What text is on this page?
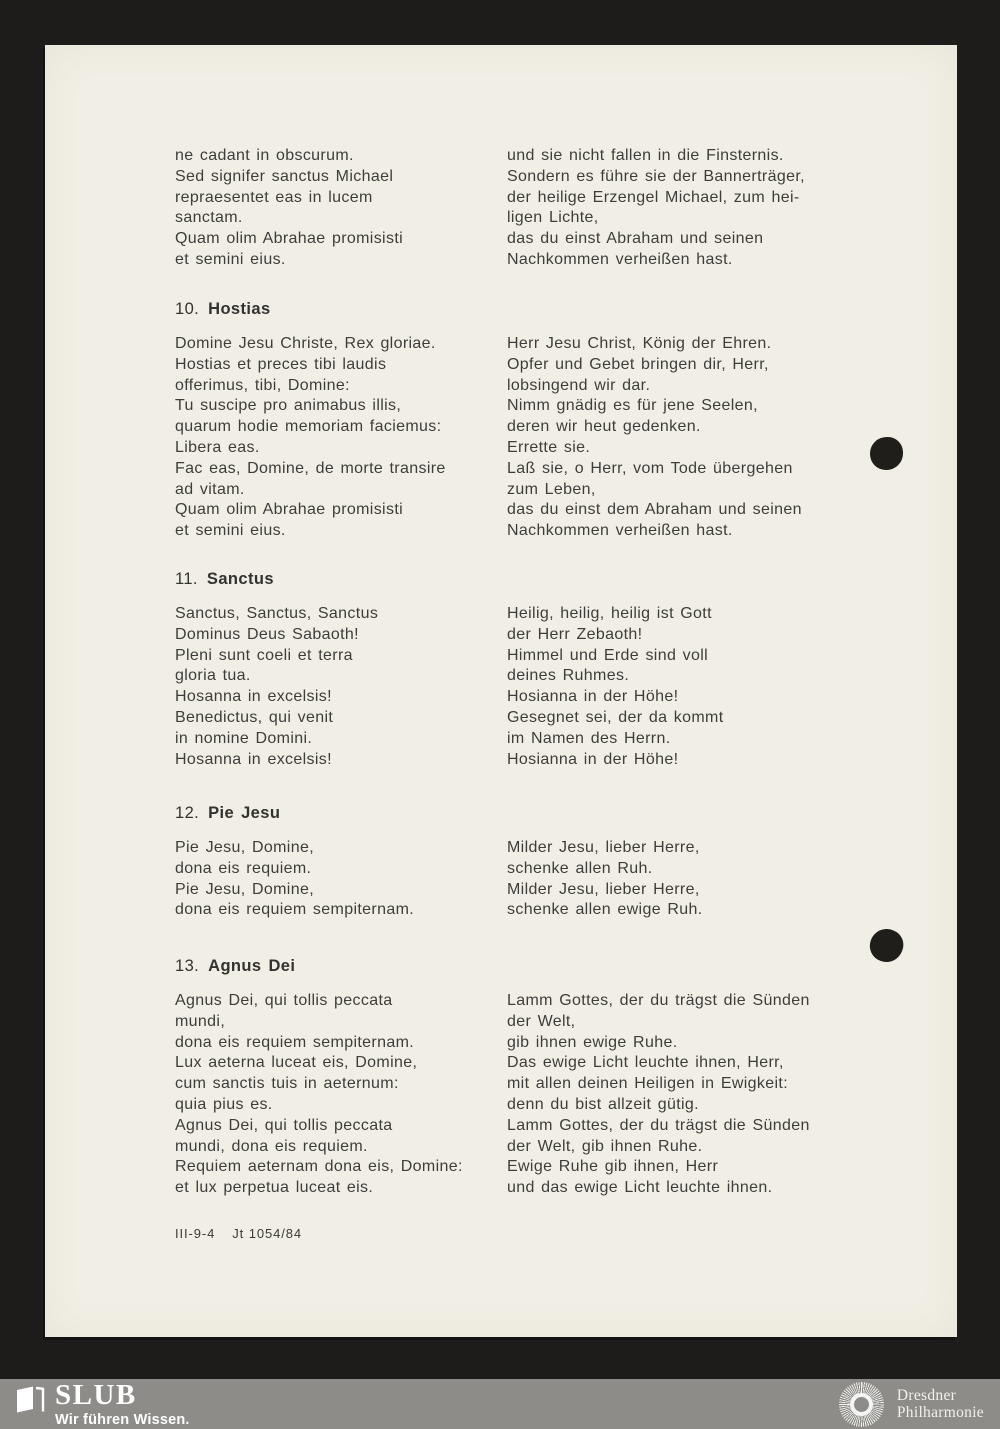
ne cadant in obscurum.
Sed signifer sanctus Michael
repraesentet eas in lucem
sanctam.
Quam olim Abrahae promisisti
et semini eius.
und sie nicht fallen in die Finsternis.
Sondern es führe sie der Bannerträger,
der heilige Erzengel Michael, zum hei-
ligen Lichte,
das du einst Abraham und seinen
Nachkommen verheißen hast.
10. Hostias
Domine Jesu Christe, Rex gloriae.
Hostias et preces tibi laudis
offerimus, tibi, Domine:
Tu suscipe pro animabus illis,
quarum hodie memoriam faciemus:
Libera eas.
Fac eas, Domine, de morte transire
ad vitam.
Quam olim Abrahae promisisti
et semini eius.
Herr Jesu Christ, König der Ehren.
Opfer und Gebet bringen dir, Herr,
lobsingend wir dar.
Nimm gnädig es für jene Seelen,
deren wir heut gedenken.
Errette sie.
Laß sie, o Herr, vom Tode übergehen
zum Leben,
das du einst dem Abraham und seinen
Nachkommen verheißen hast.
11. Sanctus
Sanctus, Sanctus, Sanctus
Dominus Deus Sabaoth!
Pleni sunt coeli et terra
gloria tua.
Hosanna in excelsis!
Benedictus, qui venit
in nomine Domini.
Hosanna in excelsis!
Heilig, heilig, heilig ist Gott
der Herr Zebaoth!
Himmel und Erde sind voll
deines Ruhmes.
Hosianna in der Höhe!
Gesegnet sei, der da kommt
im Namen des Herrn.
Hosianna in der Höhe!
12. Pie Jesu
Pie Jesu, Domine,
dona eis requiem.
Pie Jesu, Domine,
dona eis requiem sempiternam.
Milder Jesu, lieber Herre,
schenke allen Ruh.
Milder Jesu, lieber Herre,
schenke allen ewige Ruh.
13. Agnus Dei
Agnus Dei, qui tollis peccata
mundi,
dona eis requiem sempiternam.
Lux aeterna luceat eis, Domine,
cum sanctis tuis in aeternum:
quia pius es.
Agnus Dei, qui tollis peccata
mundi, dona eis requiem.
Requiem aeternam dona eis, Domine:
et lux perpetua luceat eis.
Lamm Gottes, der du trägst die Sünden
der Welt,
gib ihnen ewige Ruhe.
Das ewige Licht leuchte ihnen, Herr,
mit allen deinen Heiligen in Ewigkeit:
denn du bist allzeit gütig.
Lamm Gottes, der du trägst die Sünden
der Welt, gib ihnen Ruhe.
Ewige Ruhe gib ihnen, Herr
und das ewige Licht leuchte ihnen.
III-9-4 Jt 1054/84
SLUB
Wir führen Wissen.
Dresdner
Philharmonie
